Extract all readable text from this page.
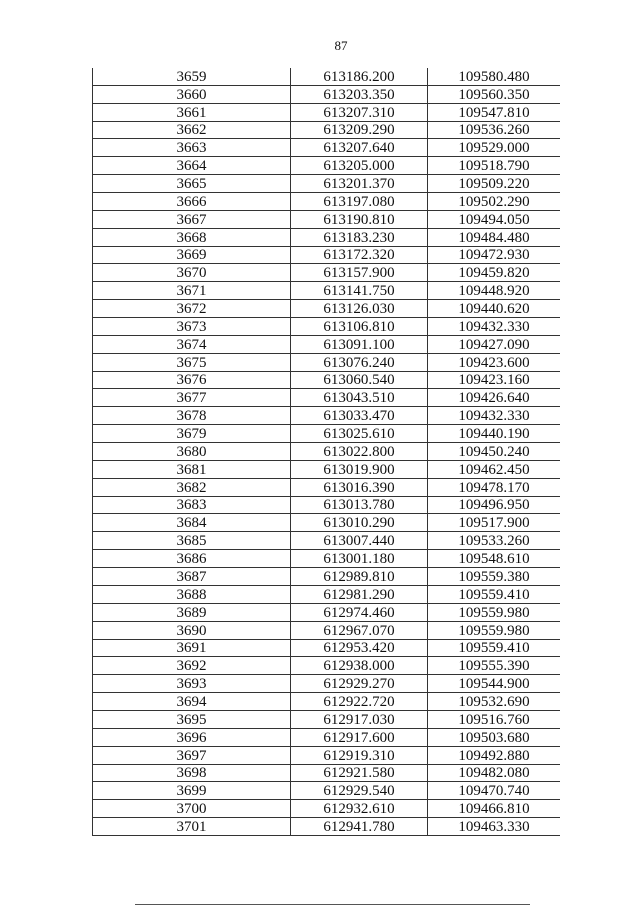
87
3659	613186.200	109580.480
3660	613203.350	109560.350
3661	613207.310	109547.810
3662	613209.290	109536.260
3663	613207.640	109529.000
3664	613205.000	109518.790
3665	613201.370	109509.220
3666	613197.080	109502.290
3667	613190.810	109494.050
3668	613183.230	109484.480
3669	613172.320	109472.930
3670	613157.900	109459.820
3671	613141.750	109448.920
3672	613126.030	109440.620
3673	613106.810	109432.330
3674	613091.100	109427.090
3675	613076.240	109423.600
3676	613060.540	109423.160
3677	613043.510	109426.640
3678	613033.470	109432.330
3679	613025.610	109440.190
3680	613022.800	109450.240
3681	613019.900	109462.450
3682	613016.390	109478.170
3683	613013.780	109496.950
3684	613010.290	109517.900
3685	613007.440	109533.260
3686	613001.180	109548.610
3687	612989.810	109559.380
3688	612981.290	109559.410
3689	612974.460	109559.980
3690	612967.070	109559.980
3691	612953.420	109559.410
3692	612938.000	109555.390
3693	612929.270	109544.900
3694	612922.720	109532.690
3695	612917.030	109516.760
3696	612917.600	109503.680
3697	612919.310	109492.880
3698	612921.580	109482.080
3699	612929.540	109470.740
3700	612932.610	109466.810
3701	612941.780	109463.330
